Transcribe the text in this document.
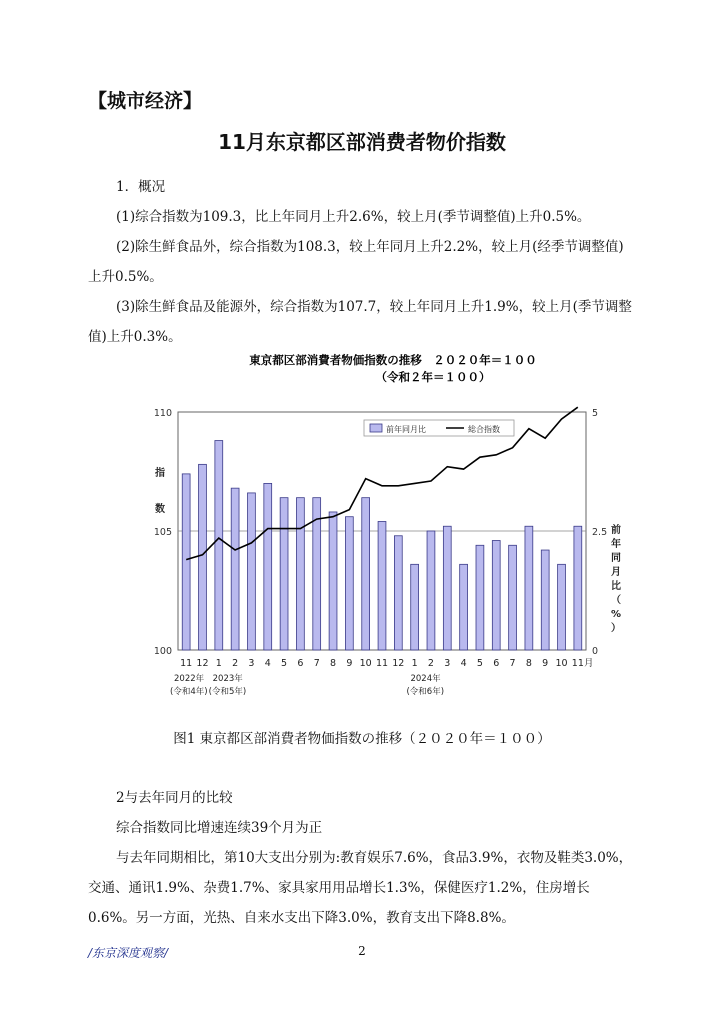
【城市经济】
11月东京都区部消费者物价指数

1．概况

(1)综合指数为109.3，比上年同月上升2.6%，较上月(季节调整值)上升0.5%。

(2)除生鲜食品外，综合指数为108.3，较上年同月上升2.2%，较上月(经季节调整值)上升0.5%。

(3)除生鲜食品及能源外，综合指数为107.7，较上年同月上升1.9%，较上月(季节调整值)上升0.3%。

東京都区部消費者物価指数の推移　２０２０年＝１００
（令和２年＝１００）
100
105
110
0
2.5
5
11 12 1 2 3 4 5 6 7 8 9 10 11 12 1 2 3 4 5 6 7 8 9 10 11 月
2022年
(令和4年)
2023年
(令和5年)
2024年
(令和6年)
指
数
前
年
同
月
比
（
%
）
前年同月比	総合指数
图1 東京都区部消費者物価指数の推移（２０２０年＝１００）

2与去年同月的比较

综合指数同比增速连续39个月为正

与去年同期相比，第10大支出分别为:教育娱乐7.6%，食品3.9%，衣物及鞋类3.0%，交通、通讯1.9%、杂费1.7%、家具家用用品增长1.3%，保健医疗1.2%，住房增长0.6%。另一方面，光热、自来水支出下降3.0%，教育支出下降8.8%。

/东京深度观察/	2
